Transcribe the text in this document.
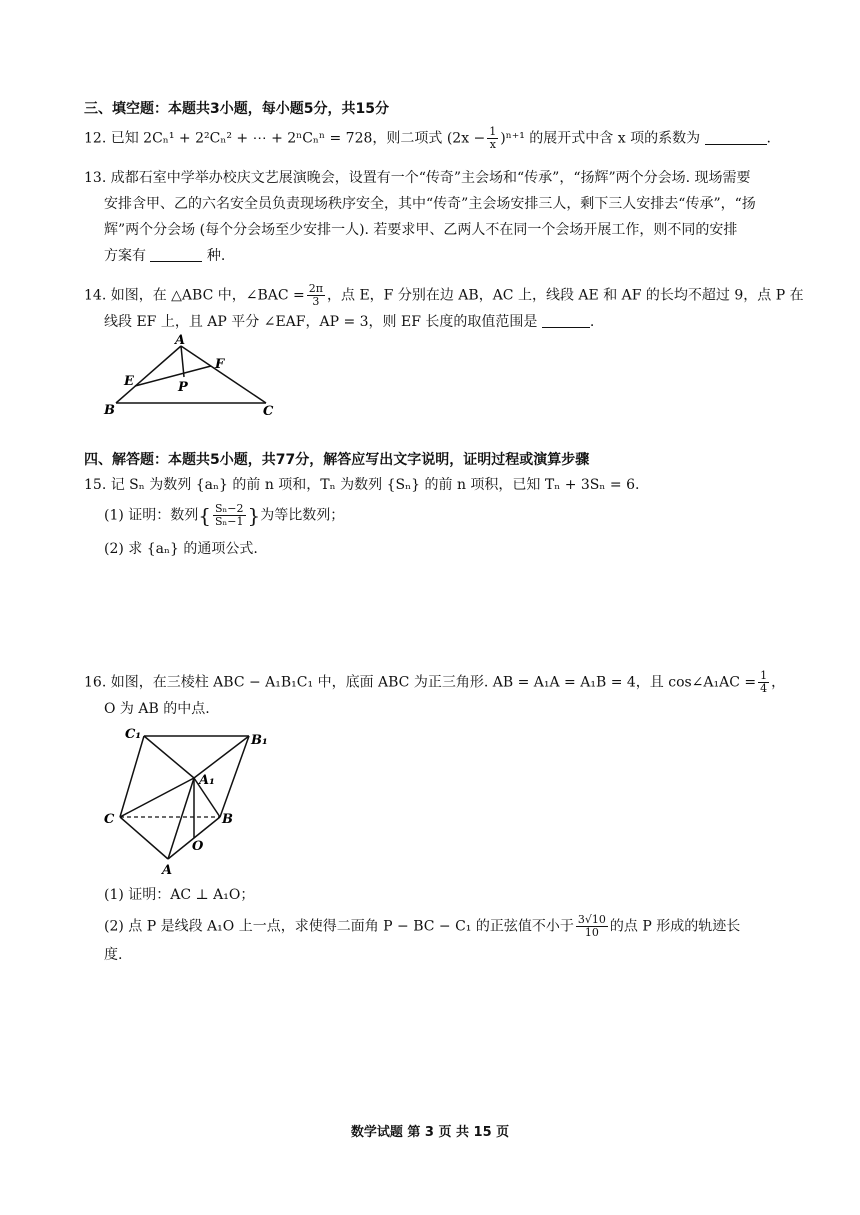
三、填空题：本题共3小题，每小题5分，共15分
12. 已知 2Cₙ¹ + 2²Cₙ² + ⋯ + 2ⁿCₙⁿ = 728，则二项式 $(2x - \frac{1}{x} )^{n+1}$ 的展开式中含 x 项的系数为	.
13. 成都石室中学举办校庆文艺展演晚会，设置有一个“传奇”主会场和“传承”，“扬辉”两个分会场. 现场需要
安排含甲、乙的六名安全员负责现场秩序安全，其中“传奇”主会场安排三人，剩下三人安排去“传承”，“扬
辉”两个分会场 (每个分会场至少安排一人). 若要求甲、乙两人不在同一个会场开展工作，则不同的安排
方案有	种.
14. 如图，在 △ABC 中，∠BAC = $\frac{2\pi}{3}$ ，点 E，F 分别在边 AB，AC 上，线段 AE 和 AF 的长均不超过 9，点 P 在
线段 EF 上，且 AP 平分 ∠EAF，AP = 3，则 EF 长度的取值范围是	.
A
B	C
E
F
P
四、解答题：本题共5小题，共77分，解答应写出文字说明，证明过程或演算步骤
15. 记 Sₙ 为数列 {aₙ} 的前 n 项和，Tₙ 为数列 {Sₙ} 的前 n 项积，已知 Tₙ + 3Sₙ = 6.
(1) 证明：数列{ $\frac{\text{Sₙ−2}}{\text{Sₙ−1}}$ }为等比数列；
(2) 求 {aₙ} 的通项公式.
16. 如图，在三棱柱 ABC − A₁B₁C₁ 中，底面 ABC 为正三角形. AB = A₁A = A₁B = 4，且 cos∠A₁AC = $\frac{1}{4}$ ，
O 为 AB 的中点.
C₁	B₁
A₁
C	B
O
A
(1) 证明：AC ⊥ A₁O；
(2) 点 P 是线段 A₁O 上一点，求使得二面角 P − BC − C₁ 的正弦值不小于 $\frac{3√10}{10}$ 的点 P 形成的轨迹长
度.
数学试题 第 3 页 共 15 页
